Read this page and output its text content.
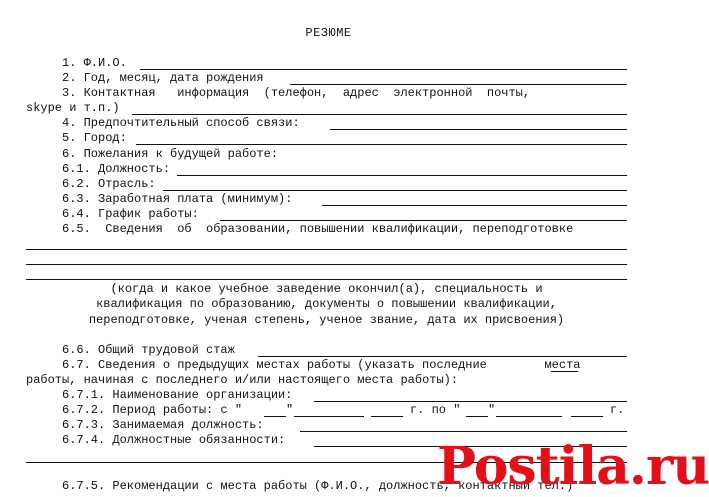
РЕЗЮМЕ
1. Ф.И.О.
2. Год, месяц, дата рождения
3. Контактная   информация  (телефон,  адрес  электронной  почты,
skype и т.п.)
4. Предпочтительный способ связи:
5. Город:
6. Пожелания к будущей работе:
6.1. Должность:
6.2. Отрасль:
6.3. Заработная плата (минимум):
6.4. График работы:
6.5.  Сведения  об  образовании, повышении квалификации, переподготовке
(когда и какое учебное заведение окончил(а), специальность и
квалификация по образованию, документы о повышении квалификации,
переподготовке, ученая степень, ученое звание, дата их присвоения)
6.6. Общий трудовой стаж
6.7. Сведения о предыдущих местах работы (указать последние        места
работы, начиная с последнего и/или настоящего места работы):
6.7.1. Наименование организации:
6.7.2. Период работы: с "	"	г. по " "	г.
6.7.3. Занимаемая должность:
6.7.4. Должностные обязанности:
6.7.5. Рекомендации с места работы (Ф.И.О., должность, контактный тел.)
Postila.ru
